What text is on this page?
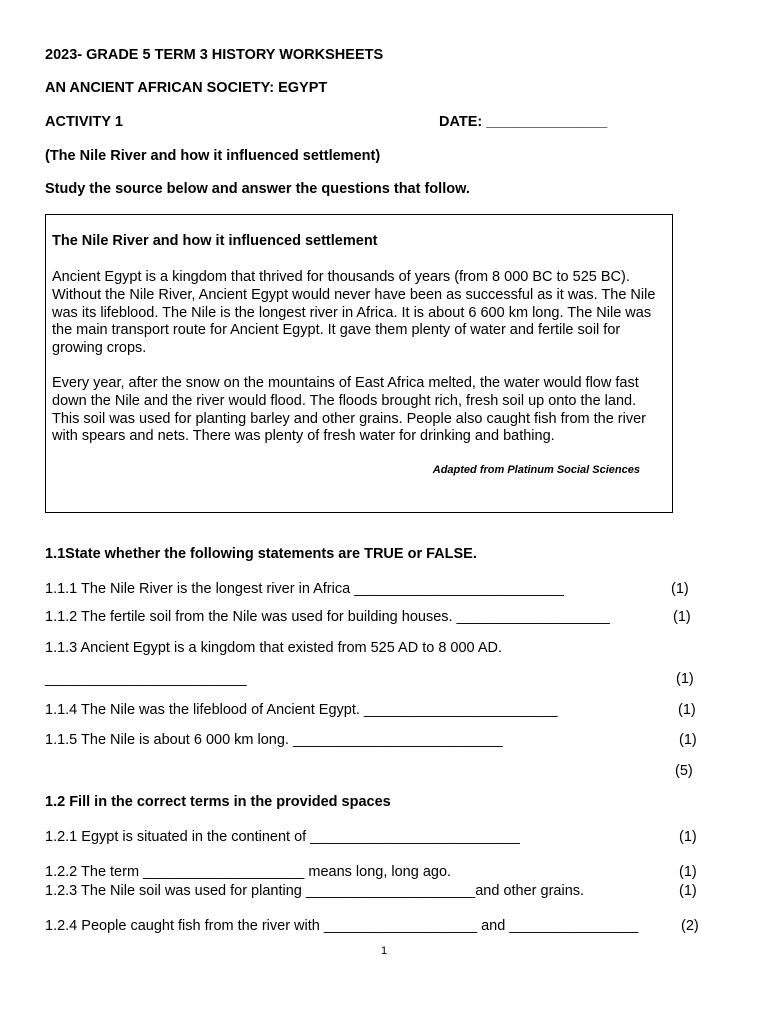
2023- GRADE 5 TERM 3 HISTORY WORKSHEETS
AN ANCIENT AFRICAN SOCIETY: EGYPT
ACTIVITY 1	DATE: _______________
(The Nile River and how it influenced settlement)
Study the source below and answer the questions that follow.
The Nile River and how it influenced settlement
Ancient Egypt is a kingdom that thrived for thousands of years (from 8 000 BC to 525 BC). Without the Nile River, Ancient Egypt would never have been as successful as it was. The Nile was its lifeblood. The Nile is the longest river in Africa. It is about 6 600 km long. The Nile was the main transport route for Ancient Egypt. It gave them plenty of water and fertile soil for growing crops.
Every year, after the snow on the mountains of East Africa melted, the water would flow fast down the Nile and the river would flood. The floods brought rich, fresh soil up onto the land. This soil was used for planting barley and other grains. People also caught fish from the river with spears and nets. There was plenty of fresh water for drinking and bathing.
Adapted from Platinum Social Sciences
1.1State whether the following statements are TRUE or FALSE.
1.1.1 The Nile River is the longest river in Africa __________________________	(1)
1.1.2 The fertile soil from the Nile was used for building houses. ___________________	(1)
1.1.3 Ancient Egypt is a kingdom that existed from 525 AD to 8 000 AD.
_________________________	(1)
1.1.4 The Nile was the lifeblood of Ancient Egypt. ________________________	(1)
1.1.5 The Nile is about 6 000 km long. __________________________	(1)
(5)
1.2 Fill in the correct terms in the provided spaces
1.2.1 Egypt is situated in the continent of __________________________	(1)
1.2.2 The term ____________________ means long, long ago.	(1)
1.2.3 The Nile soil was used for planting _____________________and other grains.	(1)
1.2.4 People caught fish from the river with ___________________ and ________________	(2)
1
